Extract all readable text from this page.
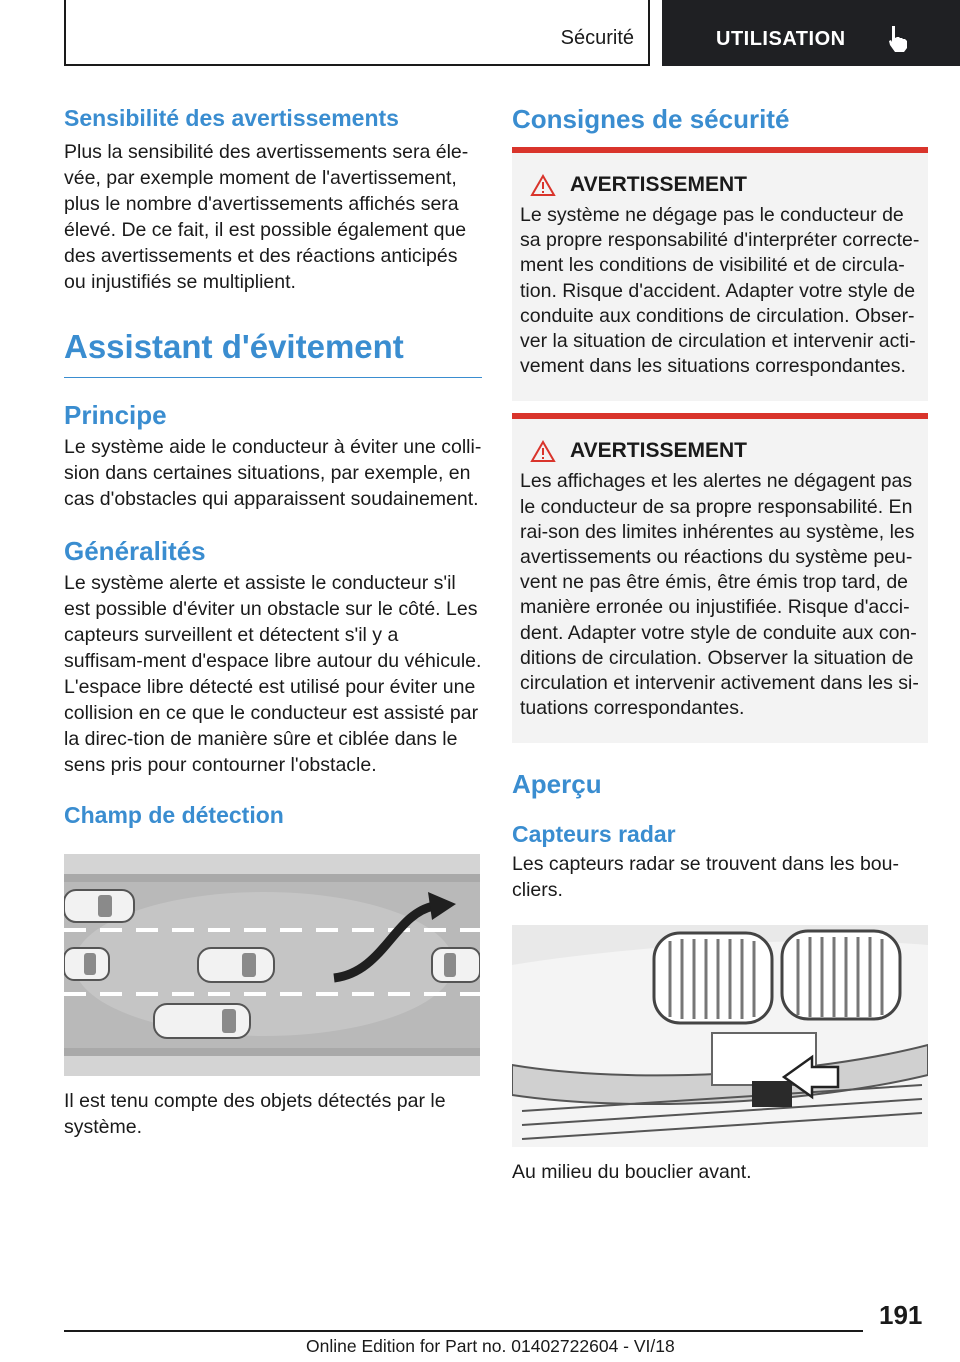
Sécurité	UTILISATION
Sensibilité des avertissements
Plus la sensibilité des avertissements sera éle-vée, par exemple moment de l'avertissement, plus le nombre d'avertissements affichés sera élevé. De ce fait, il est possible également que des avertissements et des réactions anticipés ou injustifiés se multiplient.
Assistant d'évitement
Principe
Le système aide le conducteur à éviter une colli-sion dans certaines situations, par exemple, en cas d'obstacles qui apparaissent soudainement.
Généralités
Le système alerte et assiste le conducteur s'il est possible d'éviter un obstacle sur le côté. Les capteurs surveillent et détectent s'il y a suffisam-ment d'espace libre autour du véhicule. L'espace libre détecté est utilisé pour éviter une collision en ce que le conducteur est assisté par la direc-tion de manière sûre et ciblée dans le sens pris pour contourner l'obstacle.
Champ de détection
Il est tenu compte des objets détectés par le système.
Consignes de sécurité
AVERTISSEMENT
Le système ne dégage pas le conducteur de sa propre responsabilité d'interpréter correcte-ment les conditions de visibilité et de circula-tion. Risque d'accident. Adapter votre style de conduite aux conditions de circulation. Obser-ver la situation de circulation et intervenir acti-vement dans les situations correspondantes.
AVERTISSEMENT
Les affichages et les alertes ne dégagent pas le conducteur de sa propre responsabilité. En rai-son des limites inhérentes au système, les avertissements ou réactions du système peu-vent ne pas être émis, être émis trop tard, de manière erronée ou injustifiée. Risque d'acci-dent. Adapter votre style de conduite aux con-ditions de circulation. Observer la situation de circulation et intervenir activement dans les si-tuations correspondantes.
Aperçu
Capteurs radar
Les capteurs radar se trouvent dans les bou-cliers.
Au milieu du bouclier avant.
191
Online Edition for Part no. 01402722604 - VI/18
